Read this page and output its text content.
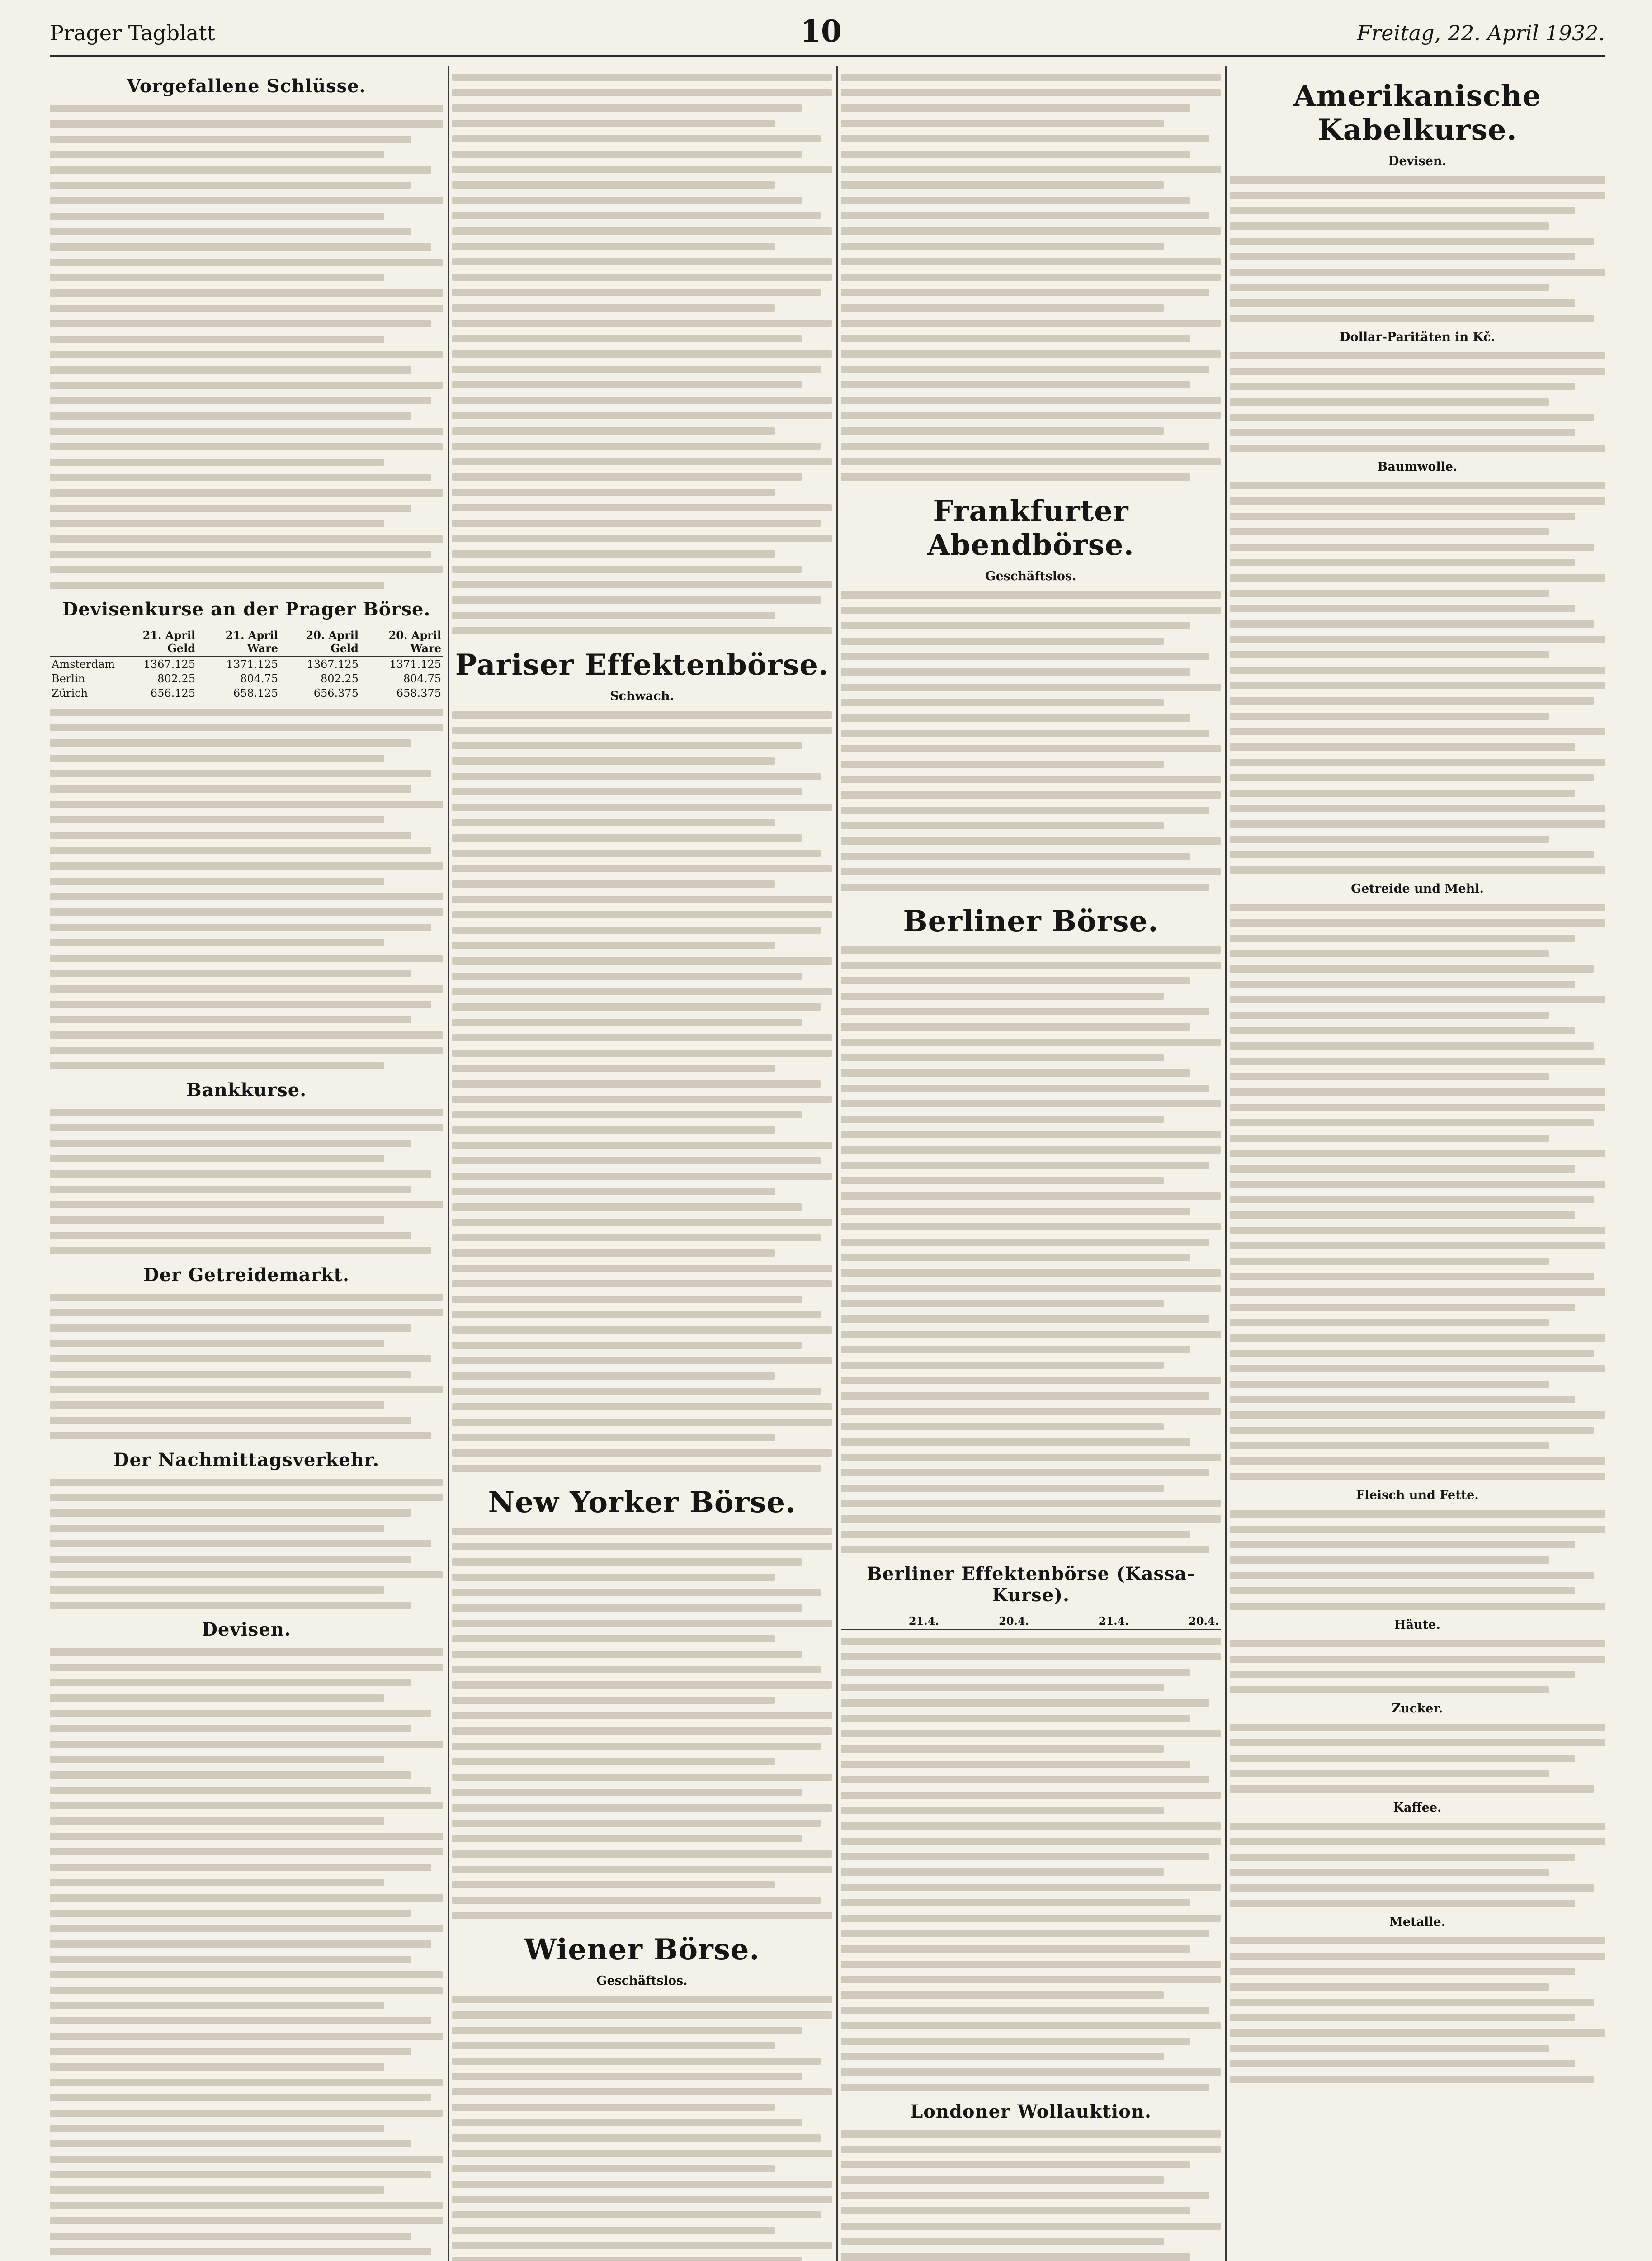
Prager Tagblatt	10	Freitag, 22. April 1932.
Vorgefallene Schlüsse.
Devisenkurse an der Prager Börse.
	21. April Geld	21. April Ware	20. April Geld	20. April Ware
Amsterdam	1367.125	1371.125	1367.125	1371.125
Berlin	802.25	804.75	802.25	804.75
Zürich	656.125	658.125	656.375	658.375
Bankkurse.
Der Getreidemarkt.
Der Nachmittagsverkehr.
Devisen.
Pariser Effektenbörse.
Schwach.
New Yorker Börse.
Wiener Börse.
Geschäftslos.
Frankfurter Abendbörse.
Geschäftslos.
Berliner Börse.
Berliner Effektenbörse (Kassa-Kurse).
	21.4.	20.4.		21.4.	20.4.
Londoner Wollauktion.
Amerikanische Kabelkurse.
Devisen.
Dollar-Paritäten in Kč.
Baumwolle.
Getreide und Mehl.
Fleisch und Fette.
Häute.
Zucker.
Kaffee.
Metalle.
